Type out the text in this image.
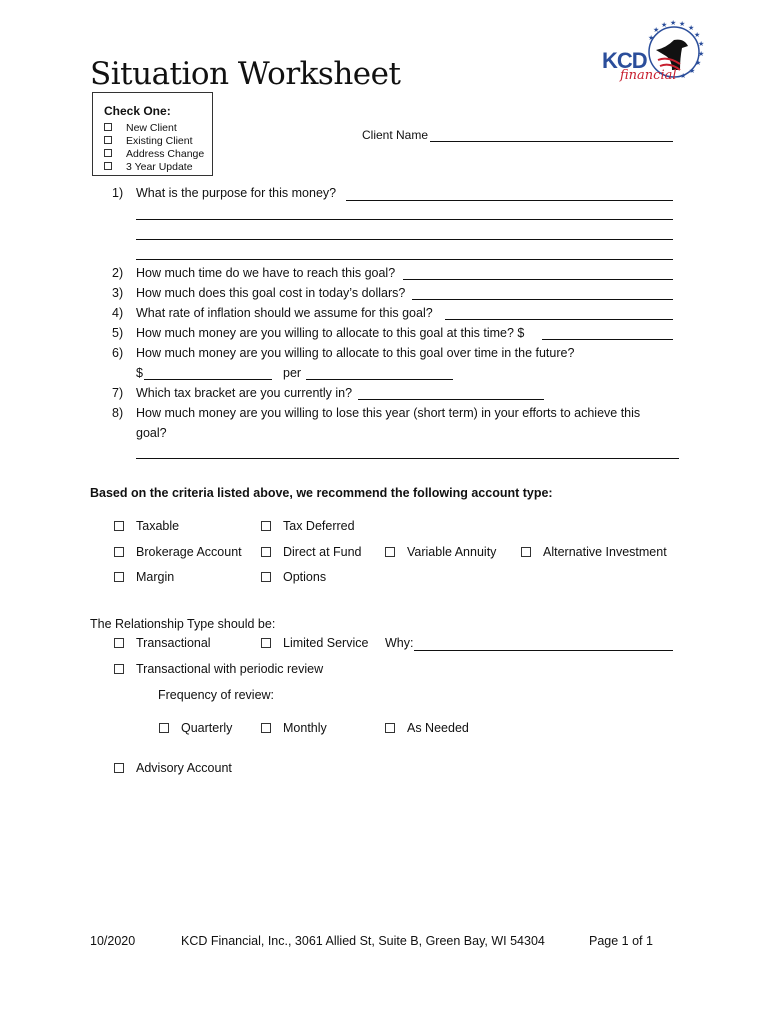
Situation Worksheet
★
★
★ ★ ★
★
★
★
★
★
★
★
KCD
financial
Check One:
New Client
Existing Client
Address Change
3 Year Update
Client Name
1) What is the purpose for this money?
2) How much time do we have to reach this goal?
3) How much does this goal cost in today’s dollars?
4) What rate of inflation should we assume for this goal?
5) How much money are you willing to allocate to this goal at this time? $
6) How much money are you willing to allocate to this goal over time in the future?
$	per
7) Which tax bracket are you currently in?
8) How much money are you willing to lose this year (short term) in your efforts to achieve this
goal?
Based on the criteria listed above, we recommend the following account type:
Taxable	Tax Deferred
Brokerage Account	Direct at Fund	Variable Annuity	Alternative Investment
Margin	Options
The Relationship Type should be:
Transactional	Limited Service Why:
Transactional with periodic review
Frequency of review:
Quarterly	Monthly	As Needed
Advisory Account
10/2020	KCD Financial, Inc., 3061 Allied St, Suite B, Green Bay, WI 54304	Page 1 of 1
